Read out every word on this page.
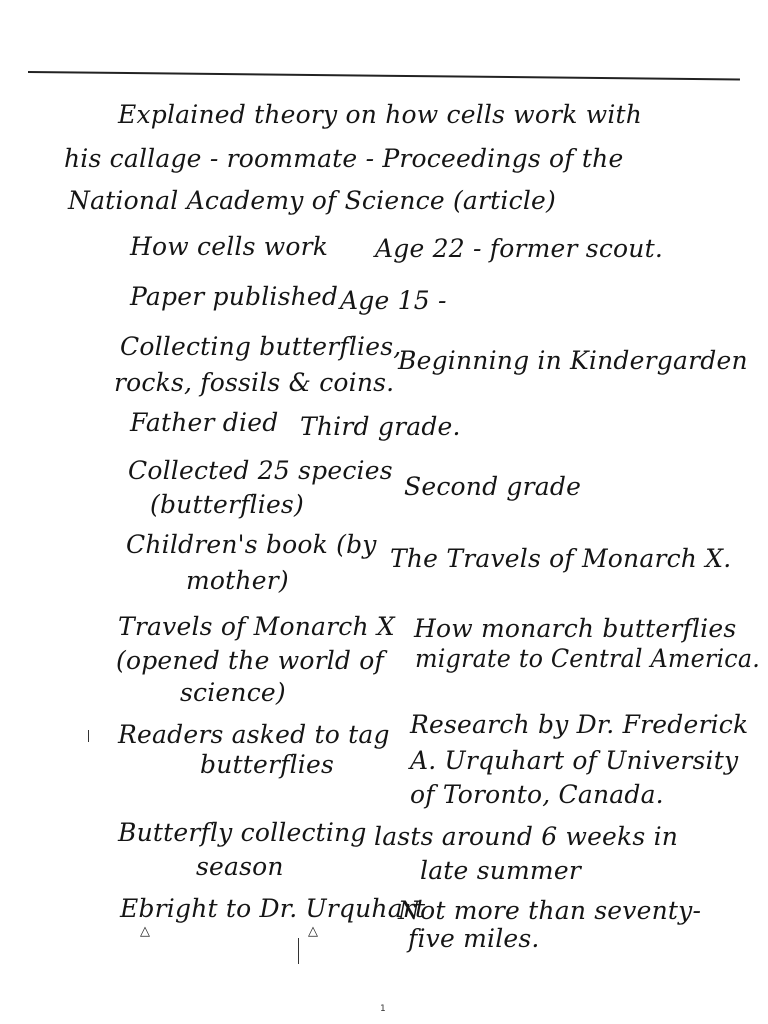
Explained theory on how cells work with
his callage - roommate - Proceedings of the
National Academy of Science (article)
How cells work Age 22 - former scout.
Paper published Age 15 -
Collecting butterflies,
rocks, fossils & coins.
Beginning in Kindergarden
Father died Third grade.
Collected 25 species
(butterflies)
Second grade
Children's book (by
mother)
The Travels of Monarch X.
Travels of Monarch X
(opened the world of
science)
How monarch butterflies
migrate to Central America.
Readers asked to tag
butterflies
Research by Dr. Frederick
A. Urquhart of University
of Toronto, Canada.
Butterfly collecting
season
lasts around 6 weeks in
late summer
Ebright to Dr. Urquhart
Not more than seventy-
five miles.
△	△
1
